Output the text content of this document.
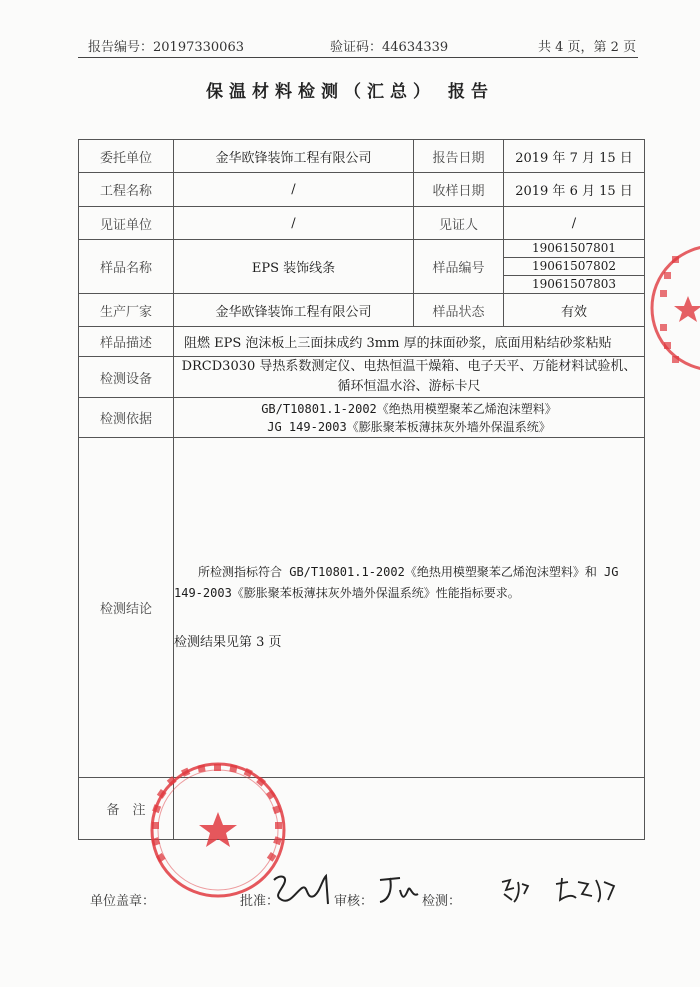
报告编号：20197330063	验证码：44634339	共 4 页，第 2 页
保温材料检测（汇总） 报告
委托单位	金华欧锋装饰工程有限公司	报告日期	2019 年 7 月 15 日
工程名称	/	收样日期	2019 年 6 月 15 日
见证单位	/	见证人	/
样品名称	EPS 装饰线条	样品编号	19061507801
19061507802
19061507803

生产厂家	金华欧锋装饰工程有限公司	样品状态	有效
样品描述	阻燃 EPS 泡沫板上三面抹成约 3mm 厚的抹面砂浆，底面用粘结砂浆粘贴		
检测设备	DRCD3030 导热系数测定仪、电热恒温干燥箱、电子天平、万能材料试验机、
循环恒温水浴、游标卡尺		

检测依据	GB/T10801.1-2002《绝热用模塑聚苯乙烯泡沫塑料》
JG 149-2003《膨胀聚苯板薄抹灰外墙外保温系统》		

检测结论	所检测指标符合 GB/T10801.1-2002《绝热用模塑聚苯乙烯泡沫塑料》和 JG 149-2003《膨胀聚苯板薄抹灰外墙外保温系统》性能指标要求。
检测结果见第 3 页		

备　注			
单位盖章：	批准：	审核：	检测：
